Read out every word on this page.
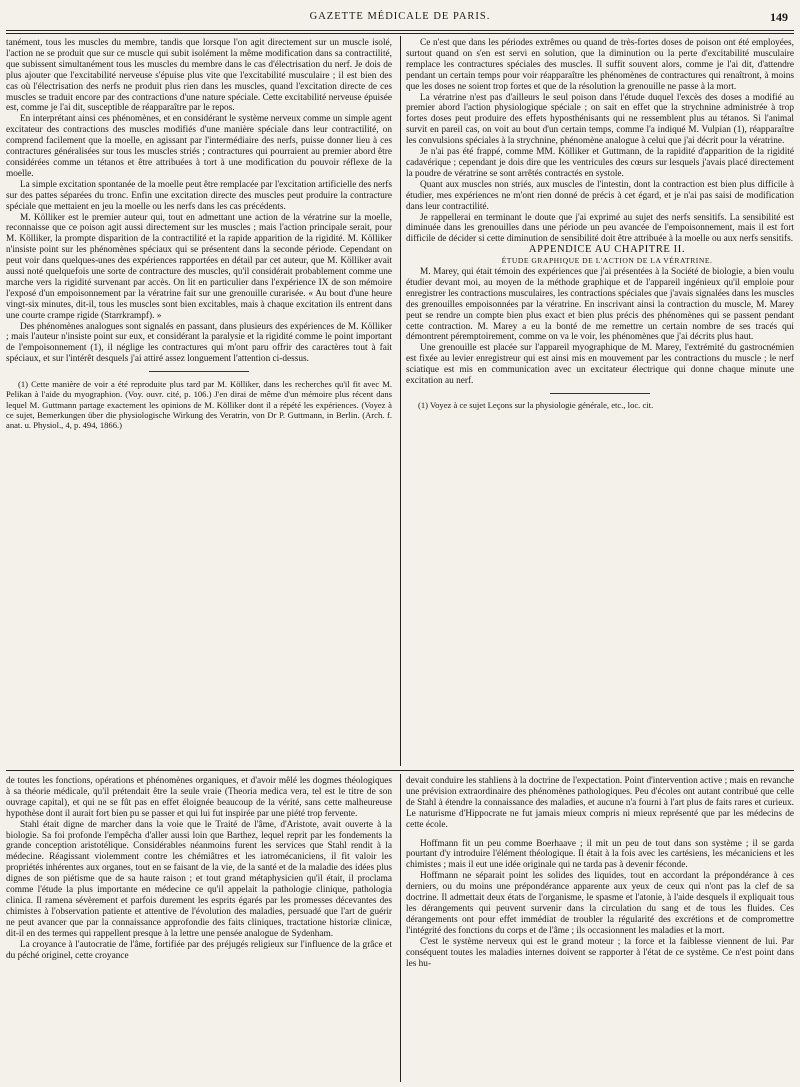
GAZETTE MÉDICALE DE PARIS.	149

tanément, tous les muscles du membre, tandis que lorsque l'on agit directement sur un muscle isolé, l'action ne se produit que sur ce muscle qui subit isolément la même modification dans sa contractilité, que subissent simultanément tous les muscles du membre dans le cas d'électrisation du nerf. Je dois de plus ajouter que l'excitabilité nerveuse s'épuise plus vite que l'excitabilité musculaire ; il est bien des cas où l'électrisation des nerfs ne produit plus rien dans les muscles, quand l'excitation directe de ces muscles se traduit encore par des contractions d'une nature spéciale. Cette excitabilité nerveuse épuisée est, comme je l'ai dit, susceptible de réapparaître par le repos.

En interprétant ainsi ces phénomènes, et en considérant le système nerveux comme un simple agent excitateur des contractions des muscles modifiés d'une manière spéciale dans leur contractilité, on comprend facilement que la moelle, en agissant par l'intermédiaire des nerfs, puisse donner lieu à ces contractures généralisées sur tous les muscles striés ; contractures qui pourraient au premier abord être considérées comme un tétanos et être attribuées à tort à une modification du pouvoir réflexe de la moelle.

La simple excitation spontanée de la moelle peut être remplacée par l'excitation artificielle des nerfs sur des pattes séparées du tronc. Enfin une excitation directe des muscles peut produire la contracture spéciale que mettaient en jeu la moelle ou les nerfs dans les cas précédents.

M. Kölliker est le premier auteur qui, tout en admettant une action de la vératrine sur la moelle, reconnaisse que ce poison agit aussi directement sur les muscles ; mais l'action principale serait, pour M. Kölliker, la prompte disparition de la contractilité et la rapide apparition de la rigidité. M. Kölliker n'insiste point sur les phénomènes spéciaux qui se présentent dans la seconde période. Cependant on peut voir dans quelques-unes des expériences rapportées en détail par cet auteur, que M. Kölliker avait aussi noté quelquefois une sorte de contracture des muscles, qu'il considérait probablement comme une marche vers la rigidité survenant par accès. On lit en particulier dans l'expérience IX de son mémoire l'exposé d'un empoisonnement par la vératrine fait sur une grenouille curarisée. « Au bout d'une heure vingt-six minutes, dit-il, tous les muscles sont bien excitables, mais à chaque excitation ils entrent dans une courte crampe rigide (Starrkrampf). »

Des phénomènes analogues sont signalés en passant, dans plusieurs des expériences de M. Kölliker ; mais l'auteur n'insiste point sur eux, et considérant la paralysie et la rigidité comme le point important de l'empoisonnement (1), il néglige les contractures qui m'ont paru offrir des caractères tout à fait spéciaux, et sur l'intérêt desquels j'ai attiré assez longuement l'attention ci-dessus.

(1) Cette manière de voir a été reproduite plus tard par M. Kölliker, dans les recherches qu'il fit avec M. Pelikan à l'aide du myographion. (Voy. ouvr. cité, p. 106.) J'en dirai de même d'un mémoire plus récent dans lequel M. Guttmann partage exactement les opinions de M. Kölliker dont il a répété les expériences. (Voyez à ce sujet, Bemerkungen über die physiologische Wirkung des Veratrin, von Dr P. Guttmann, in Berlin. (Arch. f. anat. u. Physiol., 4, p. 494, 1866.)

Ce n'est que dans les périodes extrêmes ou quand de très-fortes doses de poison ont été employées, surtout quand on s'en est servi en solution, que la diminution ou la perte d'excitabilité musculaire remplace les contractures spéciales des muscles. Il suffit souvent alors, comme je l'ai dit, d'attendre pendant un certain temps pour voir réapparaître les phénomènes de contractures qui renaîtront, à moins que les doses ne soient trop fortes et que de la résolution la grenouille ne passe à la mort.

La vératrine n'est pas d'ailleurs le seul poison dans l'étude duquel l'excès des doses a modifié au premier abord l'action physiologique spéciale ; on sait en effet que la strychnine administrée à trop fortes doses peut produire des effets hyposthénisants qui ne ressemblent plus au tétanos. Si l'animal survit en pareil cas, on voit au bout d'un certain temps, comme l'a indiqué M. Vulpian (1), réapparaître les convulsions spéciales à la strychnine, phénomène analogue à celui que j'ai décrit pour la vératrine.

Je n'ai pas été frappé, comme MM. Kölliker et Guttmann, de la rapidité d'apparition de la rigidité cadavérique ; cependant je dois dire que les ventricules des cœurs sur lesquels j'avais placé directement la poudre de vératrine se sont arrêtés contractés en systole.

Quant aux muscles non striés, aux muscles de l'intestin, dont la contraction est bien plus difficile à étudier, mes expériences ne m'ont rien donné de précis à cet égard, et je n'ai pas saisi de modification dans leur contractilité.

Je rappellerai en terminant le doute que j'ai exprimé au sujet des nerfs sensitifs. La sensibilité est diminuée dans les grenouilles dans une période un peu avancée de l'empoisonnement, mais il est fort difficile de décider si cette diminution de sensibilité doit être attribuée à la moelle ou aux nerfs sensitifs.

APPENDICE AU CHAPITRE II.

ÉTUDE GRAPHIQUE DE L'ACTION DE LA VÉRATRINE.

M. Marey, qui était témoin des expériences que j'ai présentées à la Société de biologie, a bien voulu étudier devant moi, au moyen de la méthode graphique et de l'appareil ingénieux qu'il emploie pour enregistrer les contractions musculaires, les contractions spéciales que j'avais signalées dans les muscles des grenouilles empoisonnées par la vératrine. En inscrivant ainsi la contraction du muscle, M. Marey peut se rendre un compte bien plus exact et bien plus précis des phénomènes qui se passent pendant cette contraction. M. Marey a eu la bonté de me remettre un certain nombre de ses tracés qui démontrent péremptoirement, comme on va le voir, les phénomènes que j'ai décrits plus haut.

Une grenouille est placée sur l'appareil myographique de M. Marey, l'extrémité du gastrocnémien est fixée au levier enregistreur qui est ainsi mis en mouvement par les contractions du muscle ; le nerf sciatique est mis en communication avec un excitateur électrique qui donne chaque minute une excitation au nerf.

(1) Voyez à ce sujet Leçons sur la physiologie générale, etc., loc. cit.

de toutes les fonctions, opérations et phénomènes organiques, et d'avoir mêlé les dogmes théologiques à sa théorie médicale, qu'il prétendait être la seule vraie (Theoria medica vera, tel est le titre de son ouvrage capital), et qui ne se fût pas en effet éloignée beaucoup de la vérité, sans cette malheureuse hypothèse dont il aurait fort bien pu se passer et qui lui fut inspirée par une piété trop fervente.

Stahl était digne de marcher dans la voie que le Traité de l'âme, d'Aristote, avait ouverte à la biologie. Sa foi profonde l'empêcha d'aller aussi loin que Barthez, lequel reprit par les fondements la grande conception aristotélique. Considérables néanmoins furent les services que Stahl rendit à la médecine. Réagissant violemment contre les chémiâtres et les iatromécaniciens, il fit valoir les propriétés inhérentes aux organes, tout en se faisant de la vie, de la santé et de la maladie des idées plus dignes de son piétisme que de sa haute raison ; et tout grand métaphysicien qu'il était, il proclama comme l'étude la plus importante en médecine ce qu'il appelait la pathologie clinique, pathologia clinica. Il ramena sévèrement et parfois durement les esprits égarés par les promesses décevantes des chimistes à l'observation patiente et attentive de l'évolution des maladies, persuadé que l'art de guérir ne peut avancer que par la connaissance approfondie des faits cliniques, tractatione historiæ clinicæ, dit-il en des termes qui rappellent presque à la lettre une pensée analogue de Sydenham.

La croyance à l'autocratie de l'âme, fortifiée par des préjugés religieux sur l'influence de la grâce et du péché originel, cette croyance

devait conduire les stahliens à la doctrine de l'expectation. Point d'intervention active ; mais en revanche une prévision extraordinaire des phénomènes pathologiques. Peu d'écoles ont autant contribué que celle de Stahl à étendre la connaissance des maladies, et aucune n'a fourni à l'art plus de faits rares et curieux. Le naturisme d'Hippocrate ne fut jamais mieux compris ni mieux représenté que par les médecins de cette école.

Hoffmann fit un peu comme Boerhaave ; il mit un peu de tout dans son système ; il se garda pourtant d'y introduire l'élément théologique. Il était à la fois avec les cartésiens, les mécaniciens et les chimistes ; mais il eut une idée originale qui ne tarda pas à devenir féconde.

Hoffmann ne séparait point les solides des liquides, tout en accordant la prépondérance à ces derniers, ou du moins une prépondérance apparente aux yeux de ceux qui n'ont pas la clef de sa doctrine. Il admettait deux états de l'organisme, le spasme et l'atonie, à l'aide desquels il expliquait tous les dérangements qui peuvent survenir dans la circulation du sang et de tous les fluides. Ces dérangements ont pour effet immédiat de troubler la régularité des excrétions et de compromettre l'intégrité des fonctions du corps et de l'âme ; ils occasionnent les maladies et la mort.

C'est le système nerveux qui est le grand moteur ; la force et la faiblesse viennent de lui. Par conséquent toutes les maladies internes doivent se rapporter à l'état de ce système. Ce n'est point dans les hu-
